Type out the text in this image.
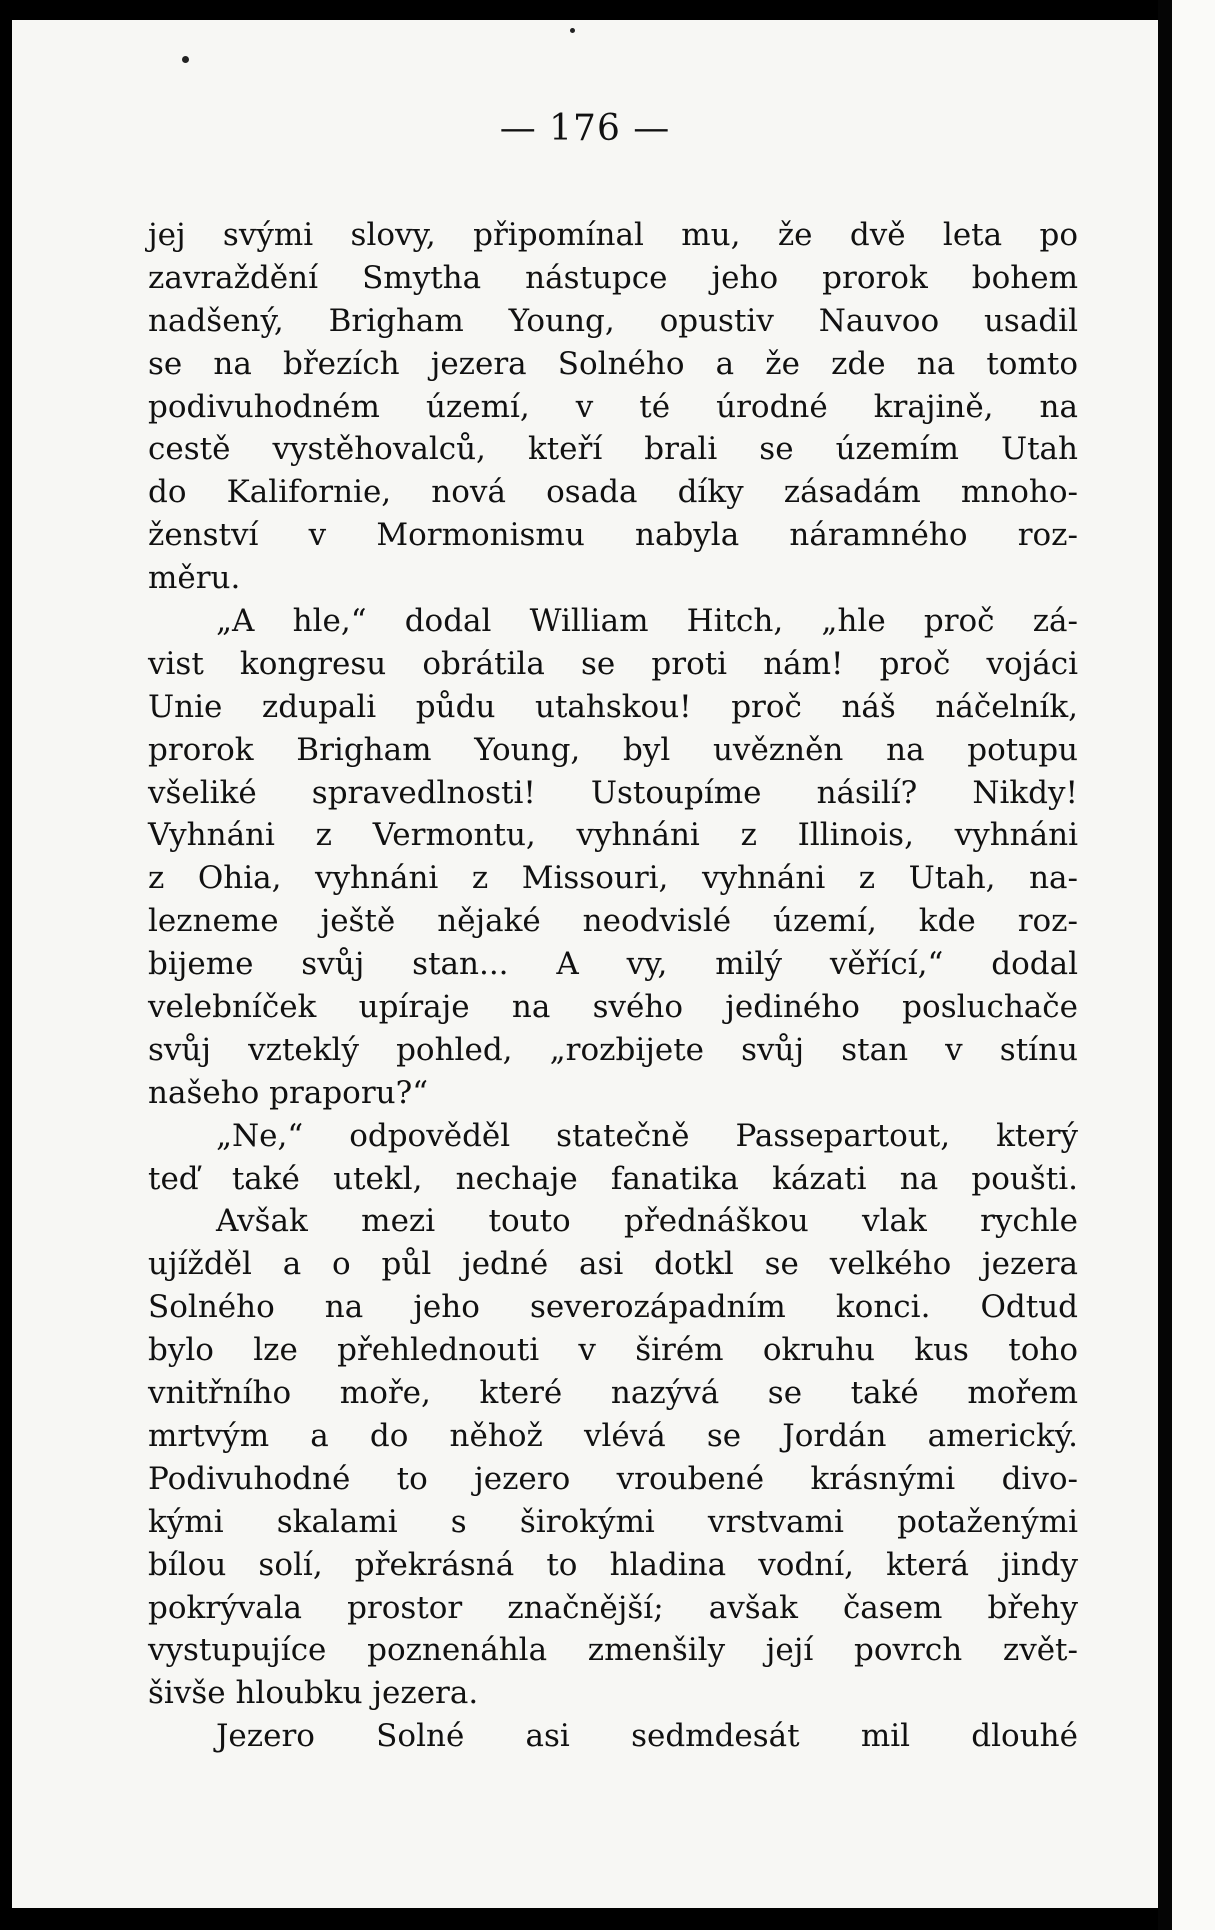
— 176 —
jej svými slovy, připomínal mu, že dvě leta po
zavraždění Smytha nástupce jeho prorok bohem
nadšený, Brigham Young, opustiv Nauvoo usadil
se na březích jezera Solného a že zde na tomto
podivuhodném území, v té úrodné krajině, na
cestě vystěhovalců, kteří brali se územím Utah
do Kalifornie, nová osada díky zásadám mnoho-
ženství v Mormonismu nabyla náramného roz-
měru.
„A hle,“ dodal William Hitch, „hle proč zá-
vist kongresu obrátila se proti nám! proč vojáci
Unie zdupali půdu utahskou! proč náš náčelník,
prorok Brigham Young, byl uvězněn na potupu
všeliké spravedlnosti! Ustoupíme násilí? Nikdy!
Vyhnáni z Vermontu, vyhnáni z Illinois, vyhnáni
z Ohia, vyhnáni z Missouri, vyhnáni z Utah, na-
lezneme ještě nějaké neodvislé území, kde roz-
bijeme svůj stan... A vy, milý věřící,“ dodal
velebníček upíraje na svého jediného posluchače
svůj vzteklý pohled, „rozbijete svůj stan v stínu
našeho praporu?“
„Ne,“ odpověděl statečně Passepartout, který
teď také utekl, nechaje fanatika kázati na poušti.
Avšak mezi touto přednáškou vlak rychle
ujížděl a o půl jedné asi dotkl se velkého jezera
Solného na jeho severozápadním konci. Odtud
bylo lze přehlednouti v širém okruhu kus toho
vnitřního moře, které nazývá se také mořem
mrtvým a do něhož vlévá se Jordán americký.
Podivuhodné to jezero vroubené krásnými divo-
kými skalami s širokými vrstvami potaženými
bílou solí, překrásná to hladina vodní, která jindy
pokrývala prostor značnější; avšak časem břehy
vystupujíce poznenáhla zmenšily její povrch zvět-
šivše hloubku jezera.
Jezero Solné asi sedmdesát mil dlouhé
